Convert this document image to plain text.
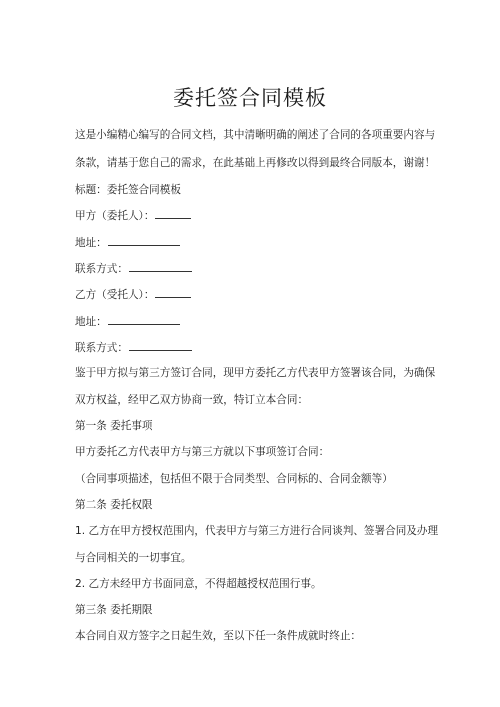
委托签合同模板
这是小编精心编写的合同文档，其中清晰明确的阐述了合同的各项重要内容与
条款，请基于您自己的需求，在此基础上再修改以得到最终合同版本，谢谢！
标题：委托签合同模板
甲方（委托人）：
地址：
联系方式：
乙方（受托人）：
地址：
联系方式：
鉴于甲方拟与第三方签订合同，现甲方委托乙方代表甲方签署该合同，为确保
双方权益，经甲乙双方协商一致，特订立本合同：
第一条 委托事项
甲方委托乙方代表甲方与第三方就以下事项签订合同：
（合同事项描述，包括但不限于合同类型、合同标的、合同金额等）
第二条 委托权限
1. 乙方在甲方授权范围内，代表甲方与第三方进行合同谈判、签署合同及办理
与合同相关的一切事宜。
2. 乙方未经甲方书面同意，不得超越授权范围行事。
第三条 委托期限
本合同自双方签字之日起生效，至以下任一条件成就时终止：
